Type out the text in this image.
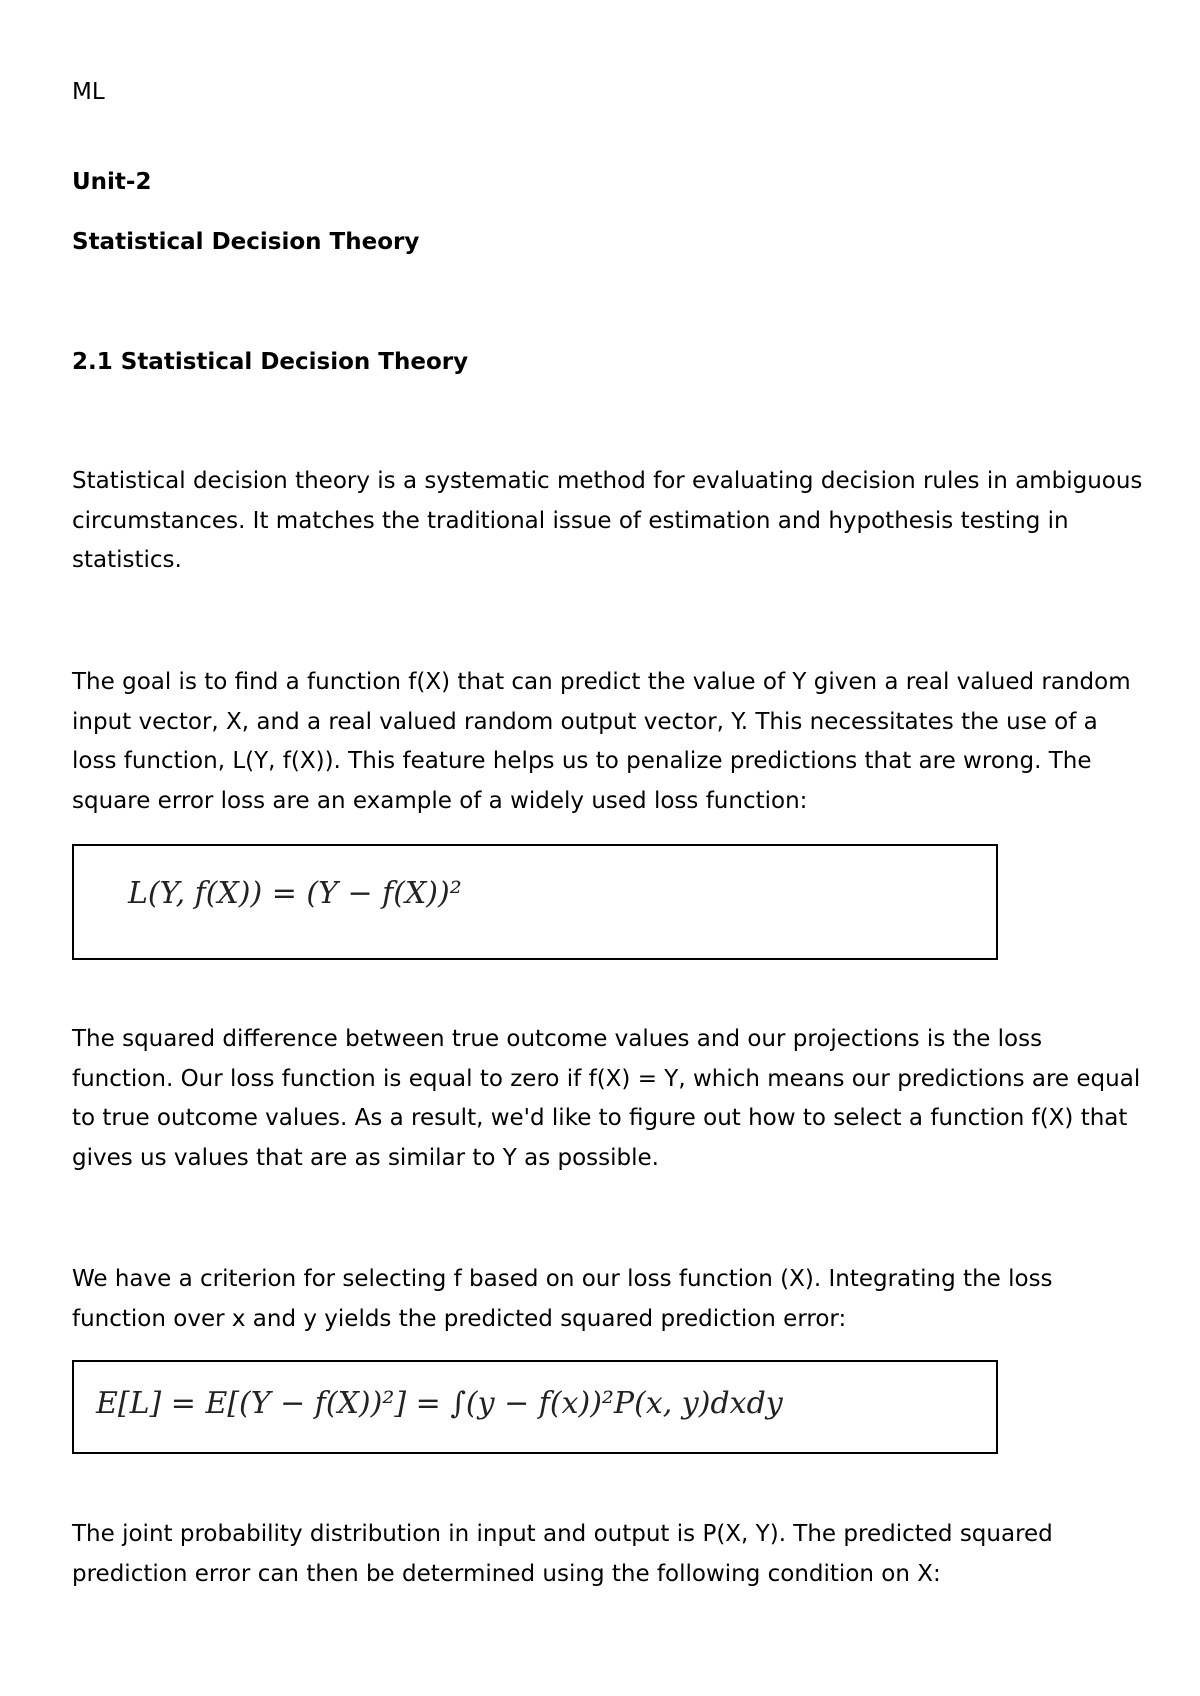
ML
Unit-2
Statistical Decision Theory
2.1 Statistical Decision Theory
Statistical decision theory is a systematic method for evaluating decision rules in ambiguous
circumstances. It matches the traditional issue of estimation and hypothesis testing in
statistics.
The goal is to find a function f(X) that can predict the value of Y given a real valued random
input vector, X, and a real valued random output vector, Y. This necessitates the use of a
loss function, L(Y, f(X)). This feature helps us to penalize predictions that are wrong. The
square error loss are an example of a widely used loss function:
L(Y, f(X)) = (Y − f(X))²
The squared difference between true outcome values and our projections is the loss
function. Our loss function is equal to zero if f(X) = Y, which means our predictions are equal
to true outcome values. As a result, we'd like to figure out how to select a function f(X) that
gives us values that are as similar to Y as possible.
We have a criterion for selecting f based on our loss function (X). Integrating the loss
function over x and y yields the predicted squared prediction error:
E[L] = E[(Y − f(X))²] = ∫(y − f(x))²P(x, y)dxdy
The joint probability distribution in input and output is P(X, Y). The predicted squared
prediction error can then be determined using the following condition on X:
